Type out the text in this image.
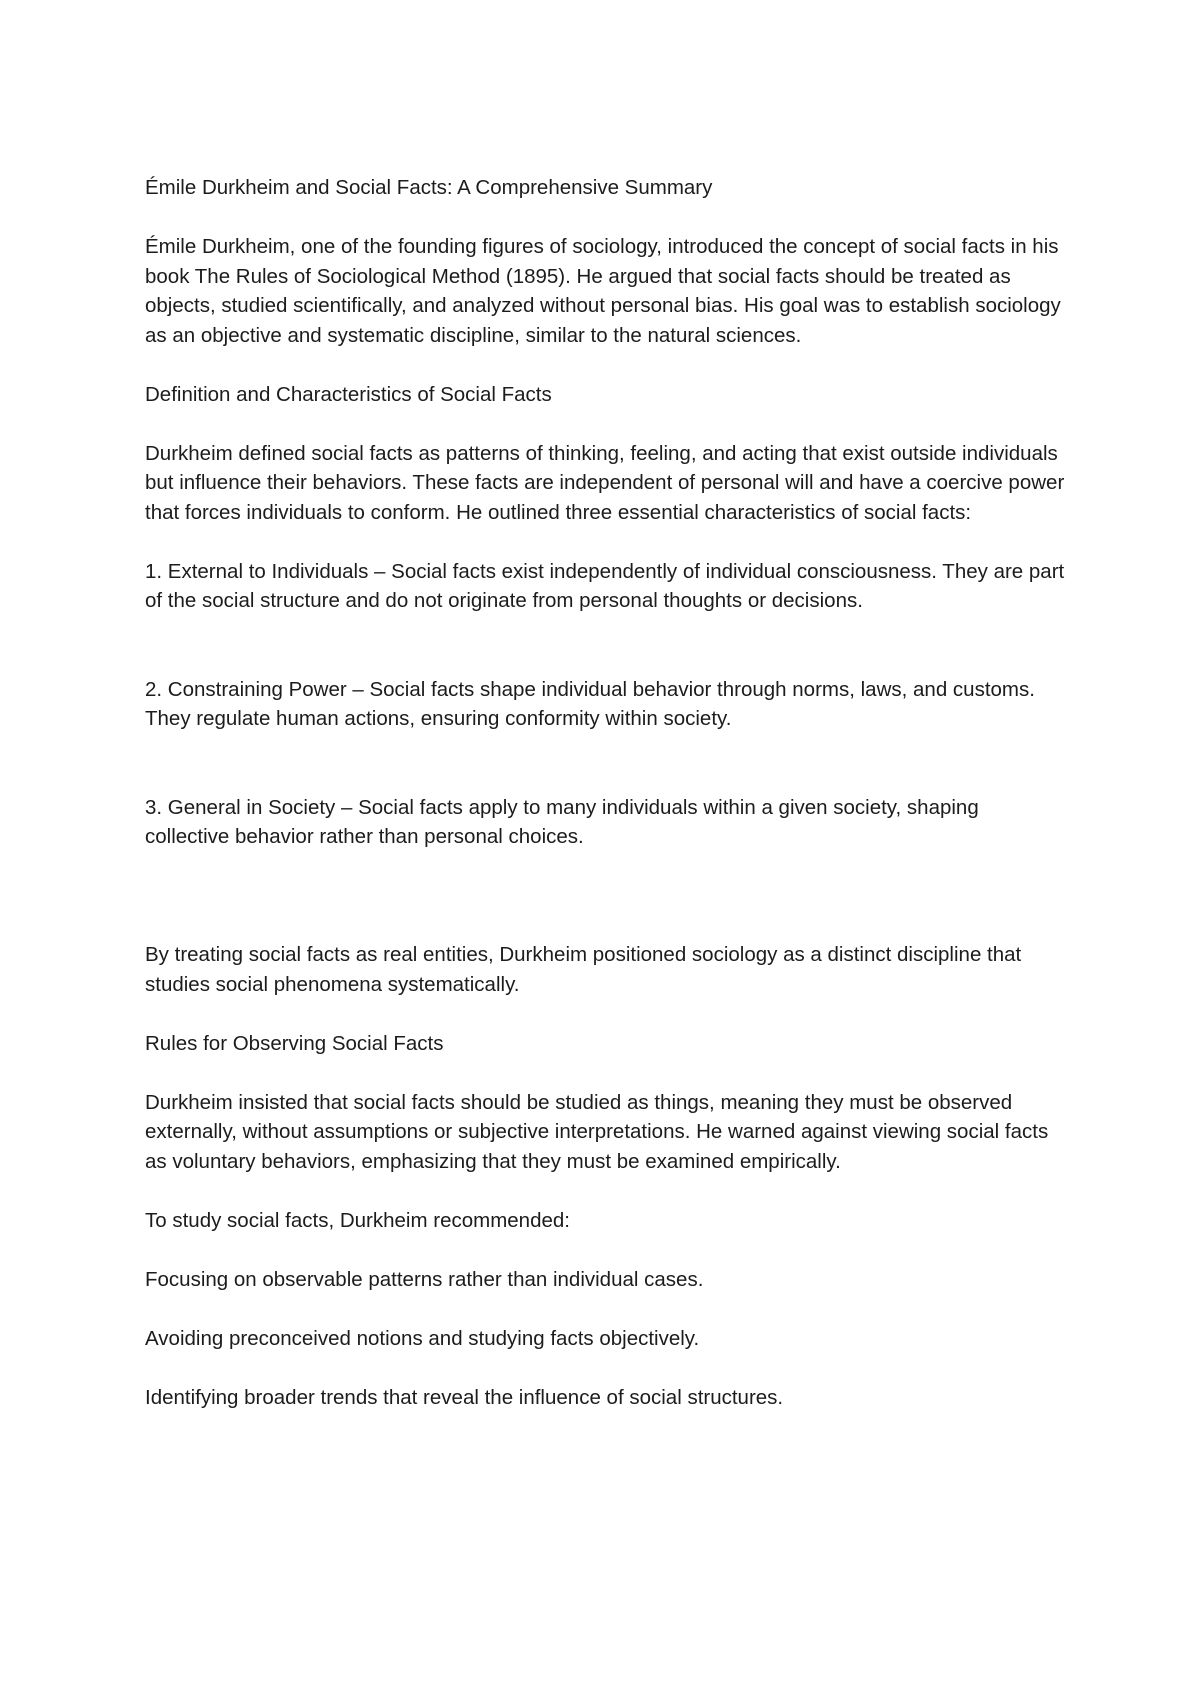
Émile Durkheim and Social Facts: A Comprehensive Summary

Émile Durkheim, one of the founding figures of sociology, introduced the concept of social facts in his book The Rules of Sociological Method (1895). He argued that social facts should be treated as objects, studied scientifically, and analyzed without personal bias. His goal was to establish sociology as an objective and systematic discipline, similar to the natural sciences.

Definition and Characteristics of Social Facts

Durkheim defined social facts as patterns of thinking, feeling, and acting that exist outside individuals but influence their behaviors. These facts are independent of personal will and have a coercive power that forces individuals to conform. He outlined three essential characteristics of social facts:

1. External to Individuals – Social facts exist independently of individual consciousness. They are part of the social structure and do not originate from personal thoughts or decisions.

2. Constraining Power – Social facts shape individual behavior through norms, laws, and customs. They regulate human actions, ensuring conformity within society.

3. General in Society – Social facts apply to many individuals within a given society, shaping collective behavior rather than personal choices.

By treating social facts as real entities, Durkheim positioned sociology as a distinct discipline that studies social phenomena systematically.

Rules for Observing Social Facts

Durkheim insisted that social facts should be studied as things, meaning they must be observed externally, without assumptions or subjective interpretations. He warned against viewing social facts as voluntary behaviors, emphasizing that they must be examined empirically.

To study social facts, Durkheim recommended:

Focusing on observable patterns rather than individual cases.

Avoiding preconceived notions and studying facts objectively.

Identifying broader trends that reveal the influence of social structures.
